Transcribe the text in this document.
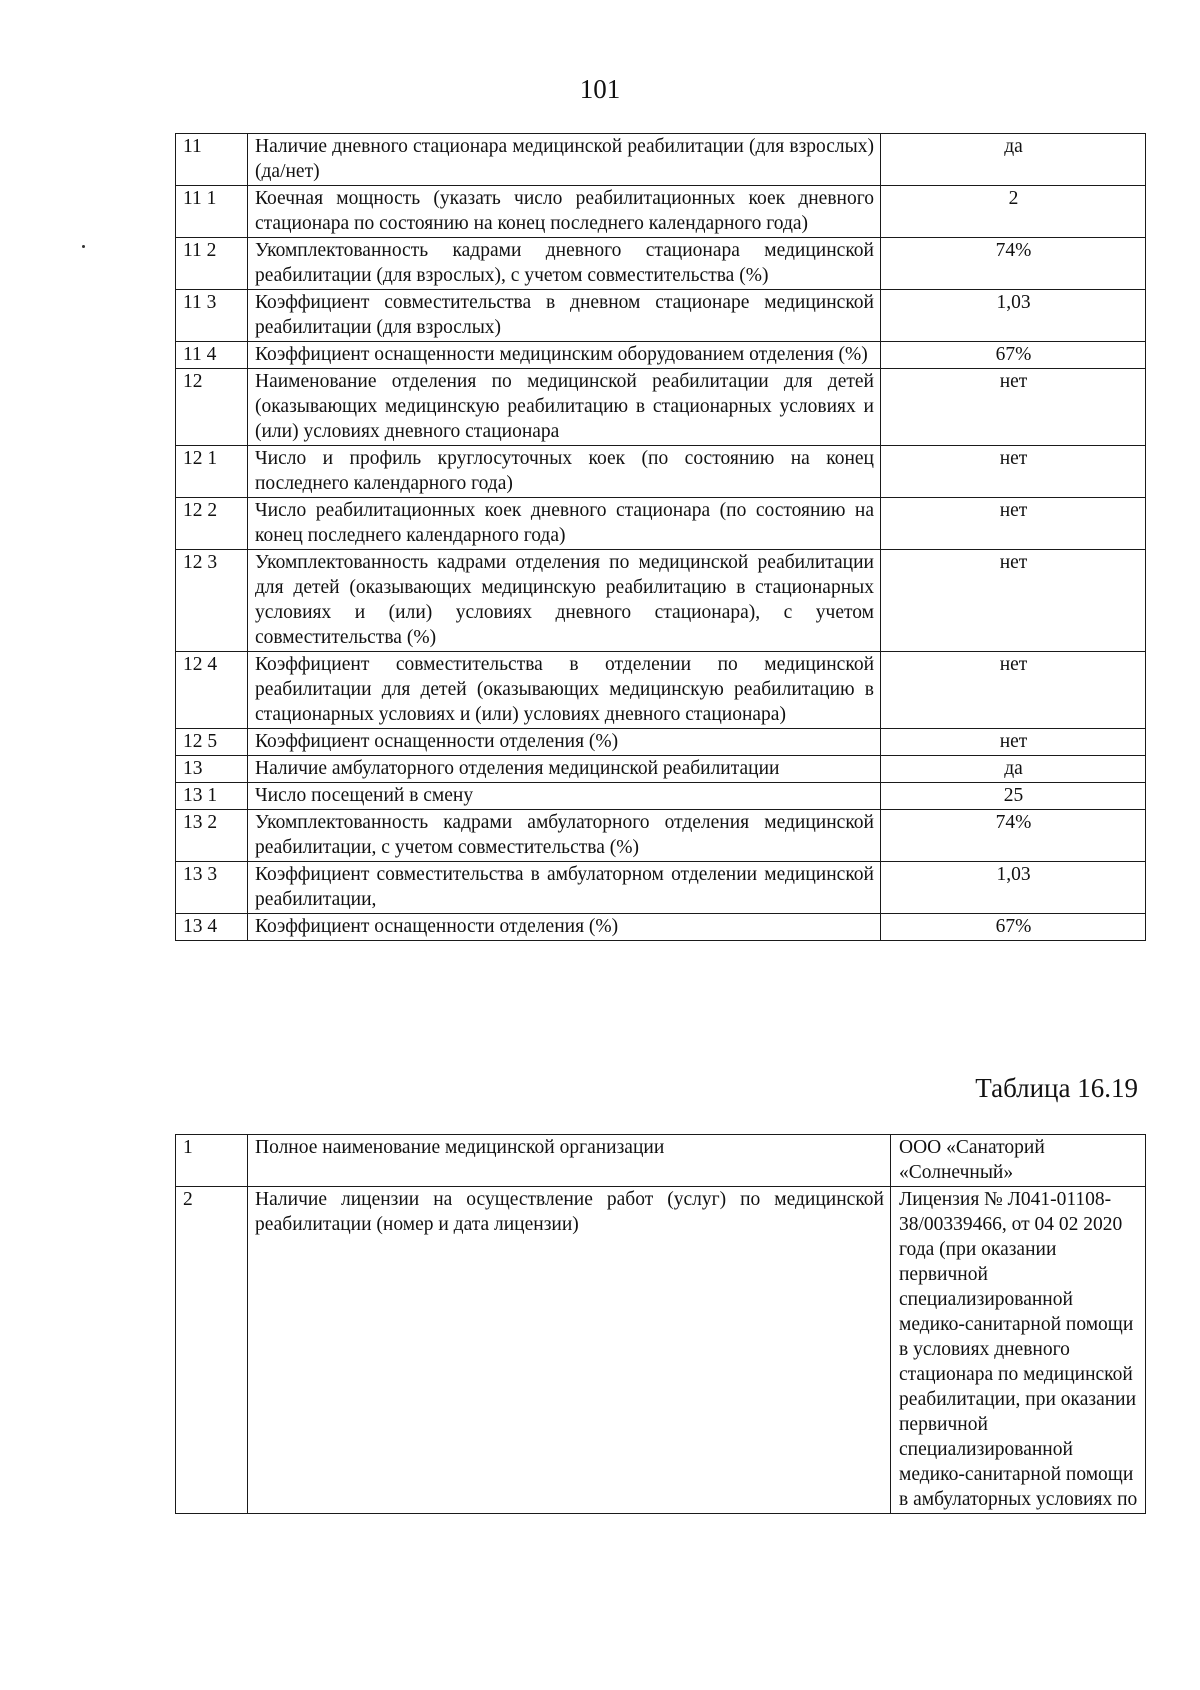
101
11	Наличие дневного стационара медицинской реабилитации (для взрослых) (да/нет)	да
11 1	Коечная мощность (указать число реабилитационных коек дневного стационара по состоянию на конец последнего календарного года)	2
11 2	Укомплектованность кадрами дневного стационара медицинской реабилитации (для взрослых), с учетом совместительства (%)	74%
11 3	Коэффициент совместительства в дневном стационаре медицинской реабилитации (для взрослых)	1,03
11 4	Коэффициент оснащенности медицинским оборудованием отделения (%)	67%
12	Наименование отделения по медицинской реабилитации для детей (оказывающих медицинскую реабилитацию в стационарных условиях и (или) условиях дневного стационара	нет
12 1	Число и профиль круглосуточных коек (по состоянию на конец последнего календарного года)	нет
12 2	Число реабилитационных коек дневного стационара (по состоянию на конец последнего календарного года)	нет
12 3	Укомплектованность кадрами отделения по медицинской реабилитации для детей (оказывающих медицинскую реабилитацию в стационарных условиях и (или) условиях дневного стационара), с учетом совместительства (%)	нет
12 4	Коэффициент совместительства в отделении по медицинской реабилитации для детей (оказывающих медицинскую реабилитацию в стационарных условиях и (или) условиях дневного стационара)	нет
12 5	Коэффициент оснащенности отделения (%)	нет
13	Наличие амбулаторного отделения медицинской реабилитации	да
13 1	Число посещений в смену	25
13 2	Укомплектованность кадрами амбулаторного отделения медицинской реабилитации, с учетом совместительства (%)	74%
13 3	Коэффициент совместительства в амбулаторном отделении медицинской реабилитации,	1,03
13 4	Коэффициент оснащенности отделения (%)	67%
Таблица 16.19
1	Полное наименование медицинской организации	ООО «Санаторий «Солнечный»
2	Наличие лицензии на осуществление работ (услуг) по медицинской реабилитации (номер и дата лицензии)	Лицензия № Л041-01108-38/00339466, от 04 02 2020 года (при оказании первичной специализированной медико-санитарной помощи в условиях дневного стационара по медицинской реабилитации, при оказании первичной специализированной медико-санитарной помощи в амбулаторных условиях по
